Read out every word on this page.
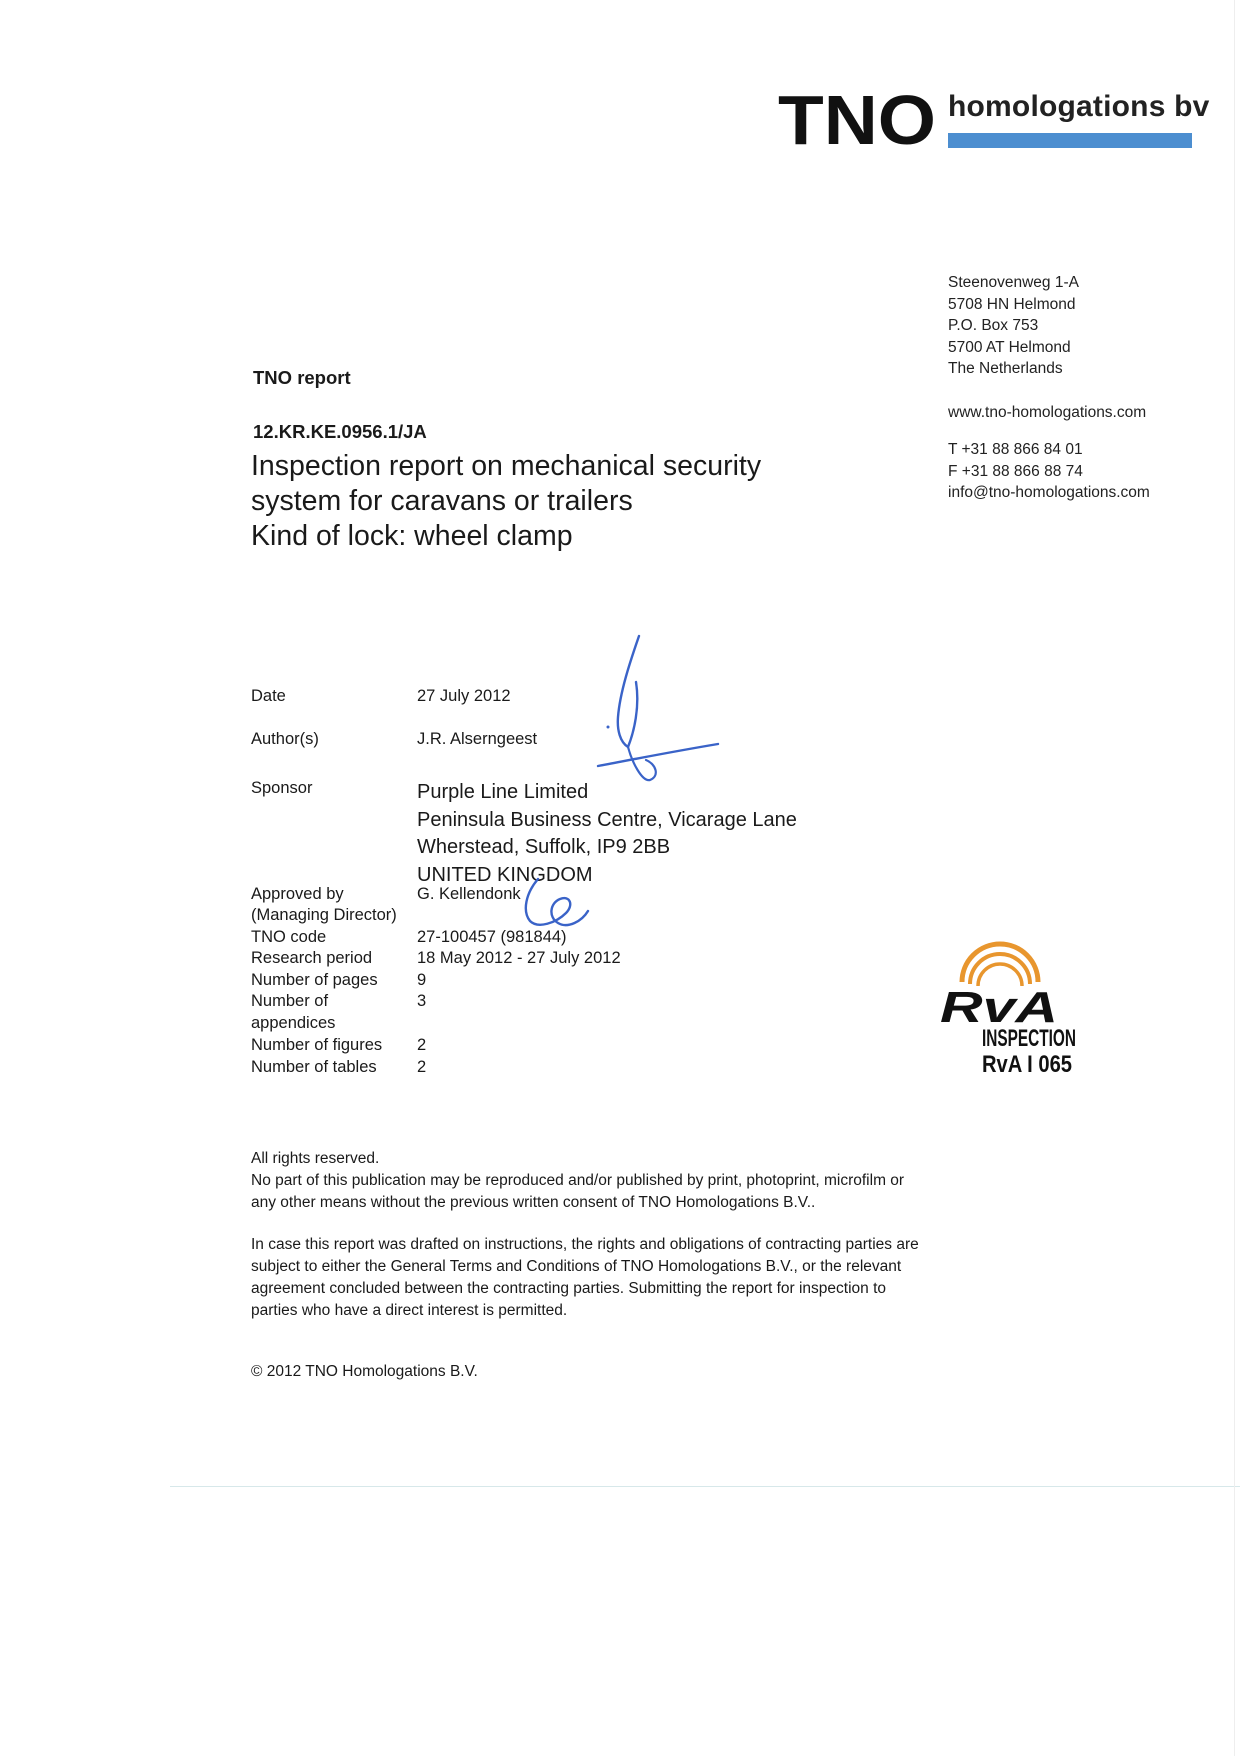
TNO homologations bv
Steenovenweg 1-A
5708 HN Helmond
P.O. Box 753
5700 AT Helmond
The Netherlands
www.tno-homologations.com
T +31 88 866 84 01
F +31 88 866 88 74
info@tno-homologations.com
TNO report
12.KR.KE.0956.1/JA
Inspection report on mechanical security
system for caravans or trailers
Kind of lock: wheel clamp
Date	27 July 2012
Author(s)	J.R. Alserngeest
Sponsor	Purple Line Limited
Peninsula Business Centre, Vicarage Lane
Wherstead, Suffolk, IP9 2BB
UNITED KINGDOM
Approved by	G. Kellendonk
(Managing Director)
TNO code	27-100457 (981844)
Research period	18 May 2012 - 27 July 2012
Number of pages 9
Number of	3
appendices
Number of figures 2
Number of tables 2
RvA
INSPECTION
RvA I 065

All rights reserved.
No part of this publication may be reproduced and/or published by print, photoprint, microfilm or any other means without the previous written consent of TNO Homologations B.V..

In case this report was drafted on instructions, the rights and obligations of contracting parties are subject to either the General Terms and Conditions of TNO Homologations B.V., or the relevant agreement concluded between the contracting parties. Submitting the report for inspection to parties who have a direct interest is permitted.

© 2012 TNO Homologations B.V.
